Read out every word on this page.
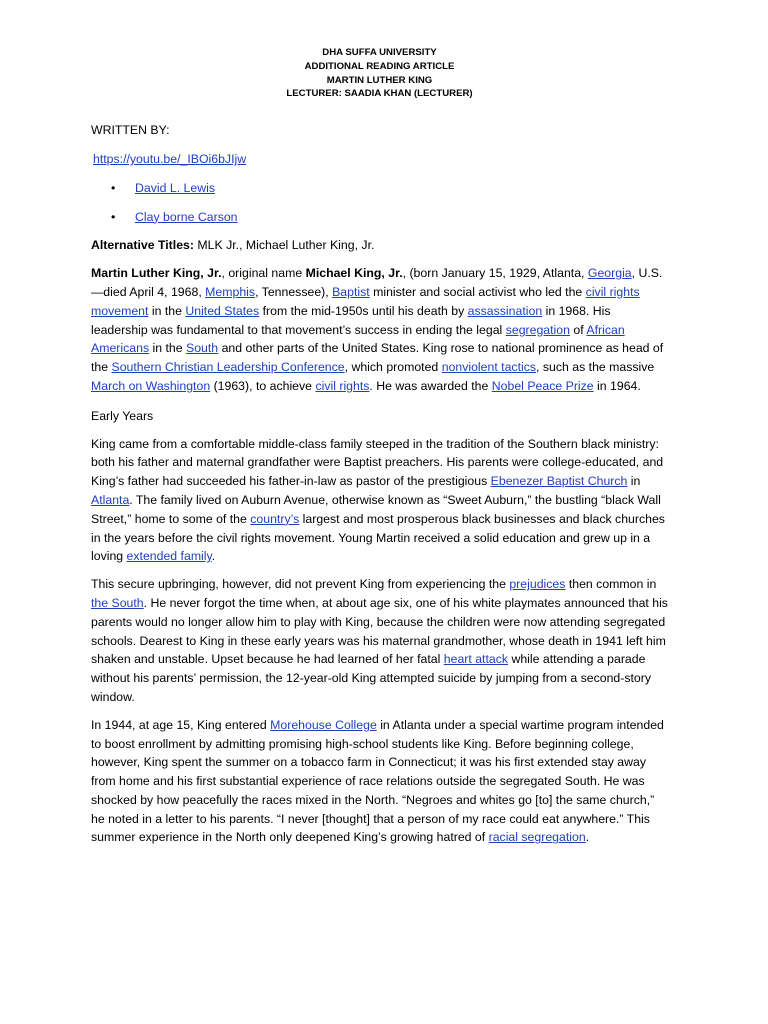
DHA SUFFA UNIVERSITY
ADDITIONAL READING ARTICLE
MARTIN LUTHER KING
LECTURER: SAADIA KHAN (LECTURER)

WRITTEN BY:

https://youtu.be/_IBOi6bJIjw

• David L. Lewis
• Clay borne Carson

Alternative Titles: MLK Jr., Michael Luther King, Jr.

Martin Luther King, Jr., original name Michael King, Jr., (born January 15, 1929, Atlanta, Georgia, U.S.—died April 4, 1968, Memphis, Tennessee), Baptist minister and social activist who led the civil rights movement in the United States from the mid-1950s until his death by assassination in 1968. His leadership was fundamental to that movement’s success in ending the legal segregation of African Americans in the South and other parts of the United States. King rose to national prominence as head of the Southern Christian Leadership Conference, which promoted nonviolent tactics, such as the massive March on Washington (1963), to achieve civil rights. He was awarded the Nobel Peace Prize in 1964.

Early Years

King came from a comfortable middle-class family steeped in the tradition of the Southern black ministry: both his father and maternal grandfather were Baptist preachers. His parents were college-educated, and King’s father had succeeded his father-in-law as pastor of the prestigious Ebenezer Baptist Church in Atlanta. The family lived on Auburn Avenue, otherwise known as “Sweet Auburn,” the bustling “black Wall Street,” home to some of the country’s largest and most prosperous black businesses and black churches in the years before the civil rights movement. Young Martin received a solid education and grew up in a loving extended family.

This secure upbringing, however, did not prevent King from experiencing the prejudices then common in the South. He never forgot the time when, at about age six, one of his white playmates announced that his parents would no longer allow him to play with King, because the children were now attending segregated schools. Dearest to King in these early years was his maternal grandmother, whose death in 1941 left him shaken and unstable. Upset because he had learned of her fatal heart attack while attending a parade without his parents’ permission, the 12-year-old King attempted suicide by jumping from a second-story window.

In 1944, at age 15, King entered Morehouse College in Atlanta under a special wartime program intended to boost enrollment by admitting promising high-school students like King. Before beginning college, however, King spent the summer on a tobacco farm in Connecticut; it was his first extended stay away from home and his first substantial experience of race relations outside the segregated South. He was shocked by how peacefully the races mixed in the North. “Negroes and whites go [to] the same church,” he noted in a letter to his parents. “I never [thought] that a person of my race could eat anywhere.” This summer experience in the North only deepened King’s growing hatred of racial segregation.
